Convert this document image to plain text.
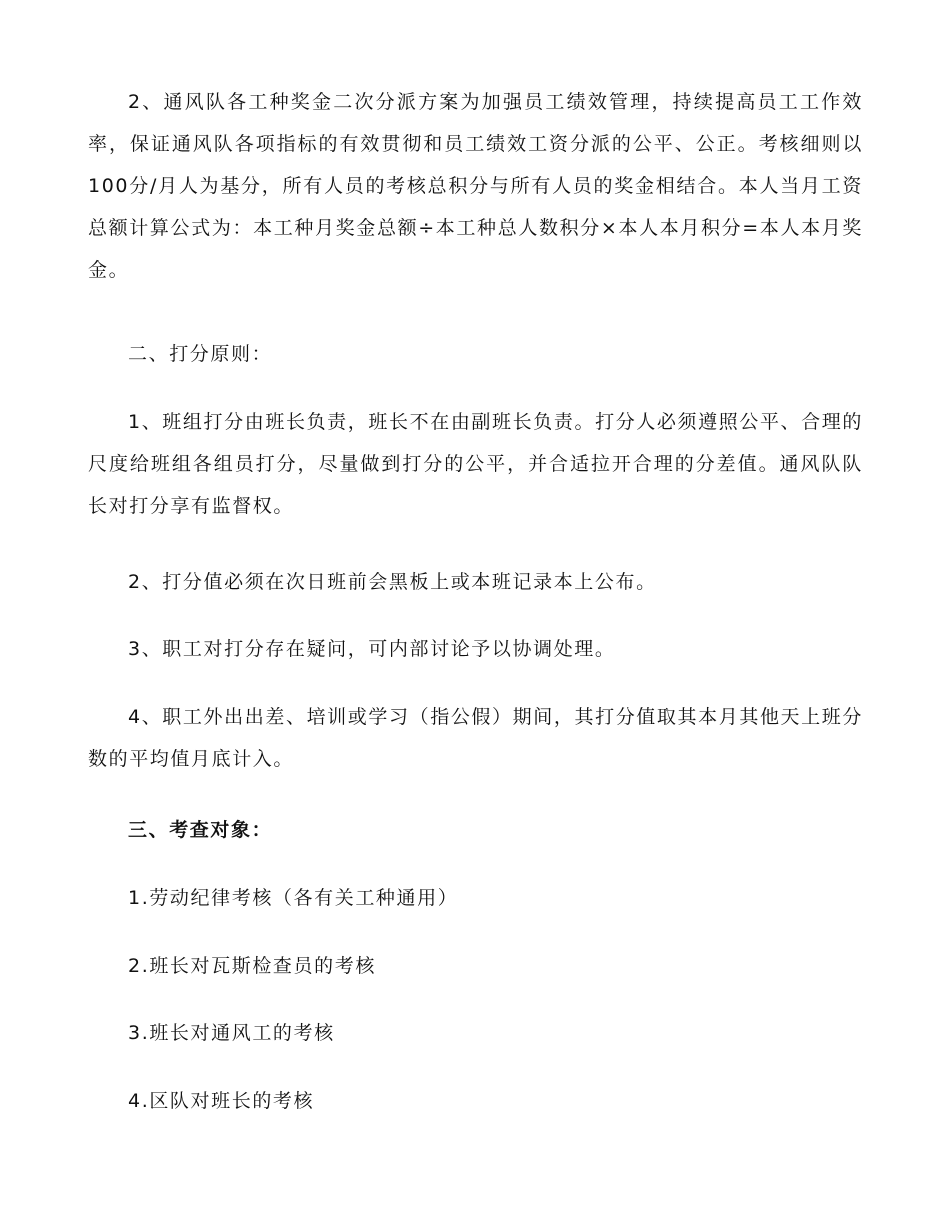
2、通风队各工种奖金二次分派方案为加强员工绩效管理，持续提高员工工作效率，保证通风队各项指标的有效贯彻和员工绩效工资分派的公平、公正。考核细则以100分/月人为基分，所有人员的考核总积分与所有人员的奖金相结合。本人当月工资总额计算公式为：本工种月奖金总额÷本工种总人数积分×本人本月积分=本人本月奖金。

二、打分原则：

1、班组打分由班长负责，班长不在由副班长负责。打分人必须遵照公平、合理的尺度给班组各组员打分，尽量做到打分的公平，并合适拉开合理的分差值。通风队队长对打分享有监督权。

2、打分值必须在次日班前会黑板上或本班记录本上公布。

3、职工对打分存在疑问，可内部讨论予以协调处理。

4、职工外出出差、培训或学习（指公假）期间，其打分值取其本月其他天上班分数的平均值月底计入。

三、考查对象：

1.劳动纪律考核（各有关工种通用）

2.班长对瓦斯检查员的考核

3.班长对通风工的考核

4.区队对班长的考核
